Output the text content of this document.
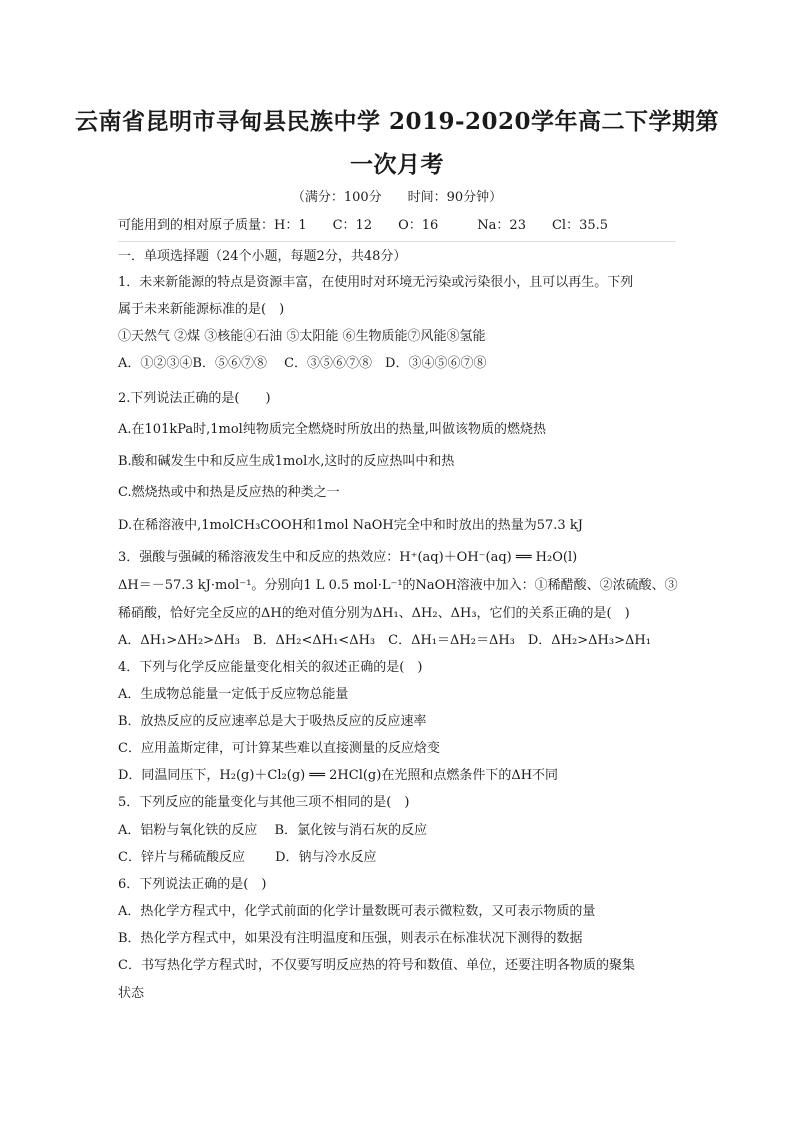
云南省昆明市寻甸县民族中学 2019-2020学年高二下学期第
一次月考
（满分：100分　　时间：90分钟）
可能用到的相对原子质量：H：1　　C：12　　O：16　　　Na：23　　Cl：35.5
一．单项选择题（24个小题，每题2分，共48分）
1．未来新能源的特点是资源丰富，在使用时对环境无污染或污染很小，且可以再生。下列
属于未来新能源标准的是(　)
①天然气 ②煤 ③核能④石油 ⑤太阳能 ⑥生物质能⑦风能⑧氢能
A．①②③④B．⑤⑥⑦⑧　 C．③⑤⑥⑦⑧　D．③④⑤⑥⑦⑧
2.下列说法正确的是(　　)
A.在101kPa时,1mol纯物质完全燃烧时所放出的热量,叫做该物质的燃烧热
B.酸和碱发生中和反应生成1mol水,这时的反应热叫中和热
C.燃烧热或中和热是反应热的种类之一
D.在稀溶液中,1molCH₃COOH和1mol NaOH完全中和时放出的热量为57.3 kJ
3．强酸与强碱的稀溶液发生中和反应的热效应：H⁺(aq)＋OH⁻(aq) ══ H₂O(l)
ΔH＝－57.3 kJ·mol⁻¹。分别向1 L 0.5 mol·L⁻¹的NaOH溶液中加入：①稀醋酸、②浓硫酸、③
稀硝酸，恰好完全反应的ΔH的绝对值分别为ΔH₁、ΔH₂、ΔH₃，它们的关系正确的是(　)
A．ΔH₁>ΔH₂>ΔH₃　B．ΔH₂<ΔH₁<ΔH₃　C．ΔH₁＝ΔH₂＝ΔH₃　D．ΔH₂>ΔH₃>ΔH₁
4．下列与化学反应能量变化相关的叙述正确的是(　)
A．生成物总能量一定低于反应物总能量
B．放热反应的反应速率总是大于吸热反应的反应速率
C．应用盖斯定律，可计算某些难以直接测量的反应焓变
D．同温同压下，H₂(g)＋Cl₂(g) ══ 2HCl(g)在光照和点燃条件下的ΔH不同
5．下列反应的能量变化与其他三项不相同的是(　)
A．铝粉与氧化铁的反应　 B．氯化铵与消石灰的反应
C．锌片与稀硫酸反应　　 D．钠与冷水反应
6．下列说法正确的是(　)
A．热化学方程式中，化学式前面的化学计量数既可表示微粒数，又可表示物质的量
B．热化学方程式中，如果没有注明温度和压强，则表示在标准状况下测得的数据
C．书写热化学方程式时，不仅要写明反应热的符号和数值、单位，还要注明各物质的聚集
状态
